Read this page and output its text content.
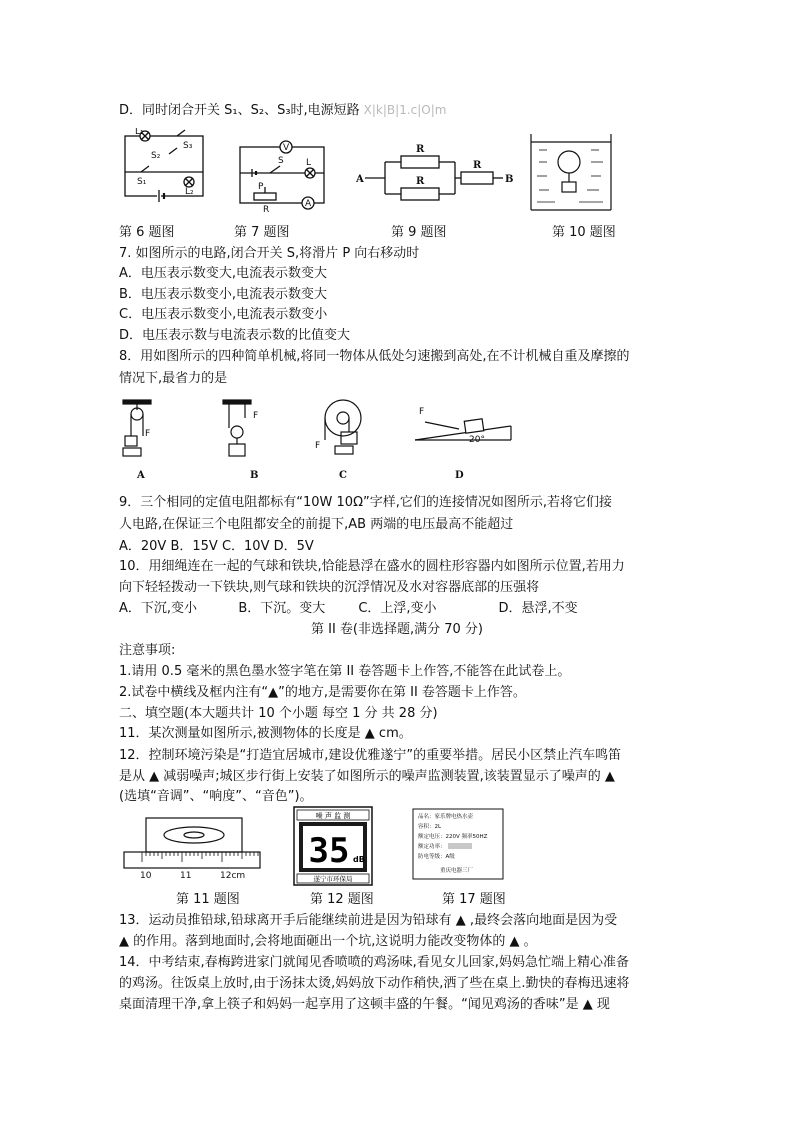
D．同时闭合开关 S₁、S₂、S₃时,电源短路 X|k|B|1.c|O|m
L₁
L₂
S₁
S₂
S₃	V
A
S L
P
R
A	B
R
R
R
第 6 题图	第 7 题图	第 9 题图	第 10 题图
7. 如图所示的电路,闭合开关 S,将滑片 P 向右移动时
A．电压表示数变大,电流表示数变大
B．电压表示数变小,电流表示数变大
C．电压表示数变小,电流表示数变小
D．电压表示数与电流表示数的比值变大
8．用如图所示的四种简单机械,将同一物体从低处匀速搬到高处,在不计机械自重及摩擦的
情况下,最省力的是
F
F
F
F
20°
A	B	C	D
9．三个相同的定值电阻都标有“10W 10Ω”字样,它们的连接情况如图所示,若将它们接
人电路,在保证三个电阻都安全的前提下,AB 两端的电压最高不能超过
A．20V B．15V C．10V D．5V
10．用细绳连在一起的气球和铁块,恰能悬浮在盛水的圆柱形容器内如图所示位置,若用力
向下轻轻拨动一下铁块,则气球和铁块的沉浮情况及水对容器底部的压强将
A．下沉,变小          B．下沉。变大        C．上浮,变小               D．悬浮,不变
第 II 卷(非选择题,满分 70 分)
注意事项:
1.请用 0.5 毫米的黑色墨水签字笔在第 II 卷答题卡上作答,不能答在此试卷上。
2.试卷中横线及框内注有“▲”的地方,是需要你在第 II 卷答题卡上作答。
二、填空题(本大题共计 10 个小题 每空 1 分 共 28 分)
11．某次测量如图所示,被测物体的长度是 ▲ cm。
12．控制环境污染是“打造宜居城市,建设优雅遂宁”的重要举措。居民小区禁止汽车鸣笛
是从 ▲ 减弱噪声;城区步行街上安装了如图所示的噪声监测装置,该装置显示了噪声的 ▲
(选填“音调”、“响度”、“音色”)。
10	11	12cm
噪 声 监 测
35 dB
遂宁市环保局
品名：家乐牌电热水壶
容积：2L
额定电压：220V 频率50HZ
额定功率：
防电等级：A级
重庆电器三厂
第 11 题图	第 12 题图	第 17 题图
13．运动员推铅球,铅球离开手后能继续前进是因为铅球有 ▲ ,最终会落向地面是因为受
▲ 的作用。落到地面时,会将地面砸出一个坑,这说明力能改变物体的 ▲ 。
14．中考结束,春梅跨进家门就闻见香喷喷的鸡汤味,看见女儿回家,妈妈急忙端上精心准备
的鸡汤。往饭桌上放时,由于汤抹太烫,妈妈放下动作稍快,洒了些在桌上.勤快的春梅迅速将
桌面清理干净,拿上筷子和妈妈一起享用了这顿丰盛的午餐。“闻见鸡汤的香味”是 ▲ 现
